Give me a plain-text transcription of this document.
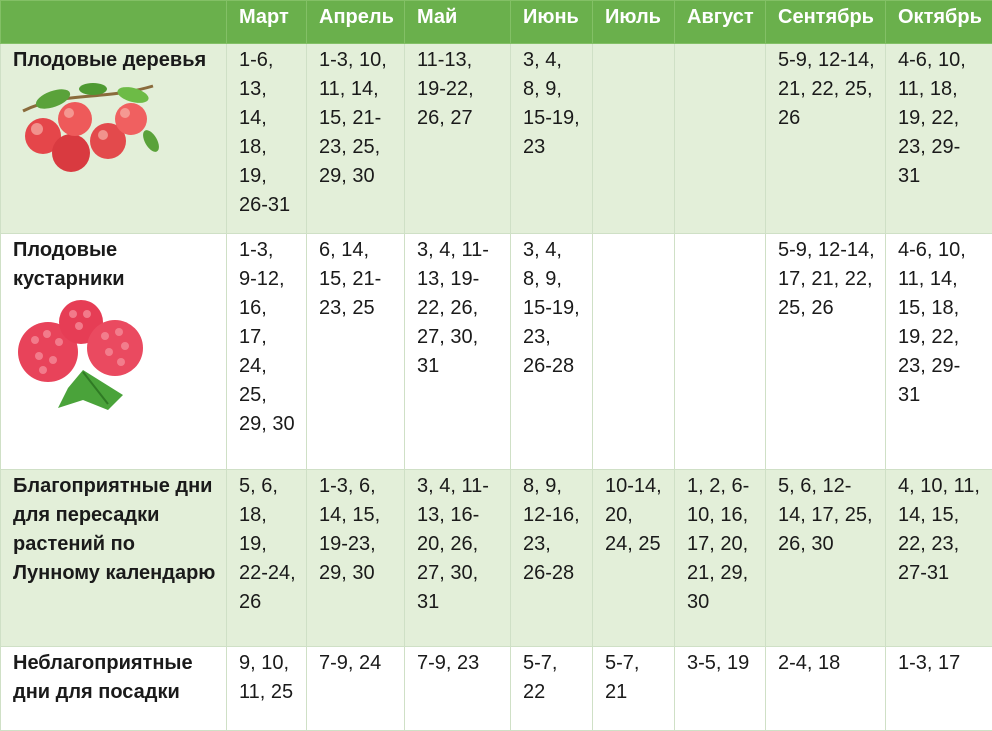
	Март	Апрель	Май	Июнь	Июль	Август	Сентябрь	Октябрь

Плодовые деревья	1-6, 13, 14, 18, 19, 26-31	1-3, 10, 11, 14, 15, 21-23, 25, 29, 30	11-13, 19-22, 26, 27	3, 4, 8, 9, 15-19, 23			5-9, 12-14, 21, 22, 25, 26	4-6, 10, 11, 18, 19, 22, 23, 29-31

Плодовые кустарники	1-3, 9-12, 16, 17, 24, 25, 29, 30	6, 14, 15, 21-23, 25	3, 4, 11-13, 19-22, 26, 27, 30, 31	3, 4, 8, 9, 15-19, 23, 26-28			5-9, 12-14, 17, 21, 22, 25, 26	4-6, 10, 11, 14, 15, 18, 19, 22, 23, 29-31
Благоприятные дни для пересадки растений по Лунному календарю	5, 6, 18, 19, 22-24, 26	1-3, 6, 14, 15, 19-23, 29, 30	3, 4, 11-13, 16-20, 26, 27, 30, 31	8, 9, 12-16, 23, 26-28	10-14, 20, 24, 25	1, 2, 6-10, 16, 17, 20, 21, 29, 30	5, 6, 12-14, 17, 25, 26, 30	4, 10, 11, 14, 15, 22, 23, 27-31
Неблагоприятные дни для посадки	9, 10, 11, 25	7-9, 24	7-9, 23	5-7, 22	5-7, 21	3-5, 19	2-4, 18	1-3, 17
